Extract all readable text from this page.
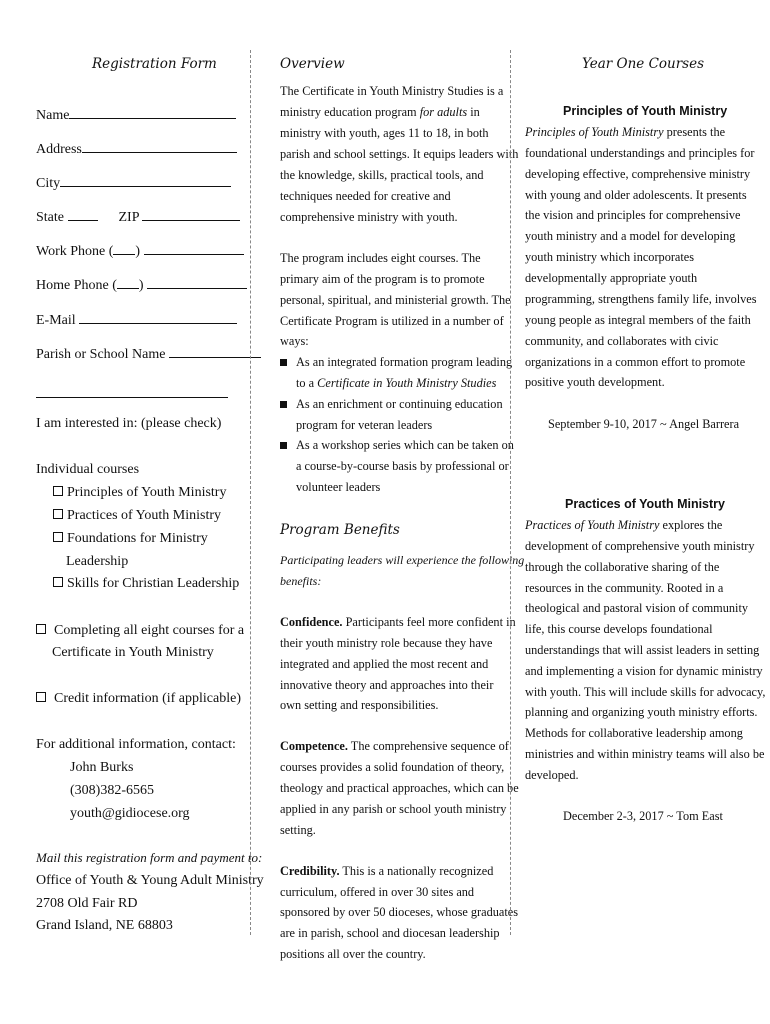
Registration Form
Name
Address
City
State	ZIP
Work Phone ( )
Home Phone ( )
E-Mail
Parish or School Name
I am interested in: (please check)
Individual courses
Principles of Youth Ministry
Practices of Youth Ministry
Foundations for Ministry
Leadership
Skills for Christian Leadership
Completing all eight courses for a
Certificate in Youth Ministry
Credit information (if applicable)
For additional information, contact:
John Burks
(308)382-6565
youth@gidiocese.org
Mail this registration form and payment to:
Office of Youth & Young Adult Ministry
2708 Old Fair RD
Grand Island, NE 68803
Overview
The Certificate in Youth Ministry Studies is a
ministry education program for adults in
ministry with youth, ages 11 to 18, in both
parish and school settings. It equips leaders with
the knowledge, skills, practical tools, and
techniques needed for creative and
comprehensive ministry with youth.
The program includes eight courses. The
primary aim of the program is to promote
personal, spiritual, and ministerial growth. The
Certificate Program is utilized in a number of
ways:
As an integrated formation program leading
to a Certificate in Youth Ministry Studies
As an enrichment or continuing education
program for veteran leaders
As a workshop series which can be taken on
a course-by-course basis by professional or
volunteer leaders
Program Benefits
Participating leaders will experience the following
benefits:
Confidence. Participants feel more confident in
their youth ministry role because they have
integrated and applied the most recent and
innovative theory and approaches into their
own setting and responsibilities.
Competence. The comprehensive sequence of
courses provides a solid foundation of theory,
theology and practical approaches, which can be
applied in any parish or school youth ministry
setting.
Credibility. This is a nationally recognized
curriculum, offered in over 30 sites and
sponsored by over 50 dioceses, whose graduates
are in parish, school and diocesan leadership
positions all over the country.
Year One Courses
Principles of Youth Ministry
Principles of Youth Ministry presents the
foundational understandings and principles for
developing effective, comprehensive ministry
with young and older adolescents. It presents
the vision and principles for comprehensive
youth ministry and a model for developing
youth ministry which incorporates
developmentally appropriate youth
programming, strengthens family life, involves
young people as integral members of the faith
community, and collaborates with civic
organizations in a common effort to promote
positive youth development.
September 9-10, 2017 ~ Angel Barrera
Practices of Youth Ministry
Practices of Youth Ministry explores the
development of comprehensive youth ministry
through the collaborative sharing of the
resources in the community. Rooted in a
theological and pastoral vision of community
life, this course develops foundational
understandings that will assist leaders in setting
and implementing a vision for dynamic ministry
with youth. This will include skills for advocacy,
planning and organizing youth ministry efforts.
Methods for collaborative leadership among
ministries and within ministry teams will also be
developed.
December 2-3, 2017 ~ Tom East
